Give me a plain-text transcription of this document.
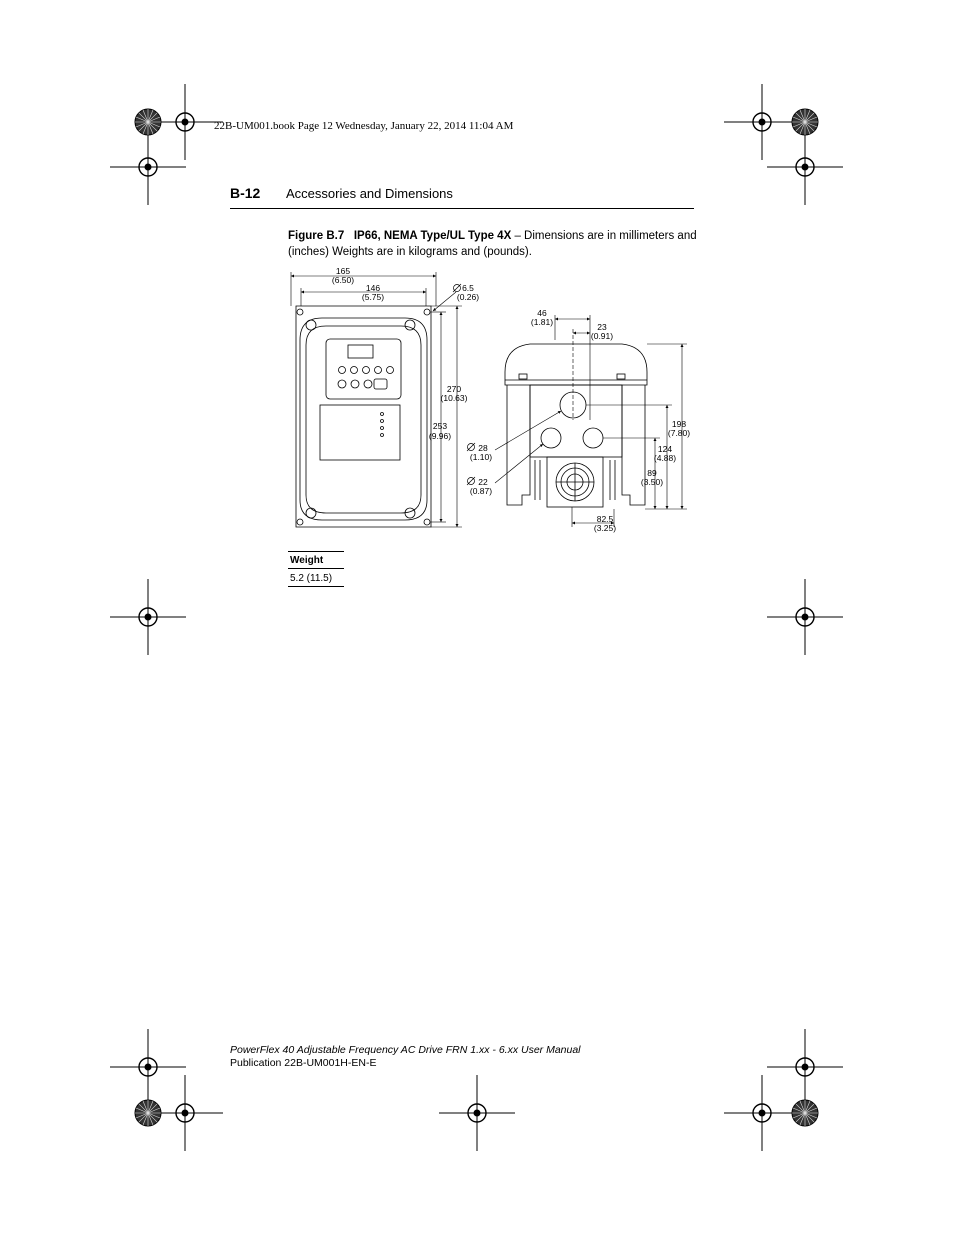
22B-UM001.book Page 12 Wednesday, January 22, 2014 11:04 AM
B-12 Accessories and Dimensions
Figure B.7 IP66, NEMA Type/UL Type 4X – Dimensions are in millimeters and (inches) Weights are in kilograms and (pounds).
165
(6.50)
146
(5.75)
6.5
(0.26)
270
(10.63)
253
(9.96)
46
(1.81)	23
(0.91)
198
(7.80)
124
(4.88)
89
(3.50)
82.5
(3.25)
28
(1.10)
22
(0.87)
Weight
5.2 (11.5)
PowerFlex 40 Adjustable Frequency AC Drive FRN 1.xx - 6.xx User Manual
Publication 22B-UM001H-EN-E
